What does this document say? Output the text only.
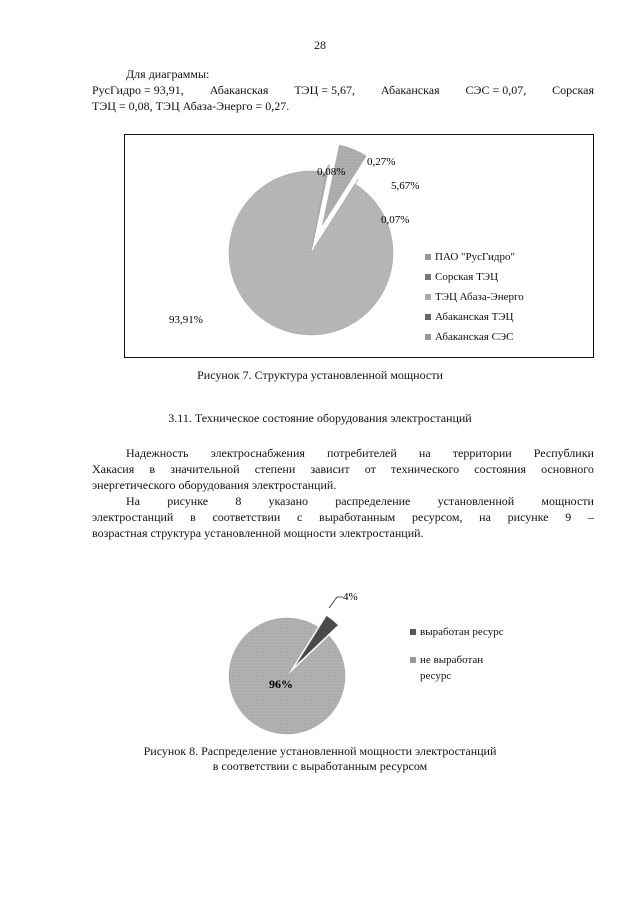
28
Для диаграммы:
РусГидро = 93,91, Абаканская ТЭЦ = 5,67, Абаканская СЭС = 0,07, Сорская
ТЭЦ = 0,08, ТЭЦ Абаза-Энерго = 0,27.
93,91%
0,08%
0,27%
5,67%
0,07%
ПАО "РусГидро"
Сорская ТЭЦ
ТЭЦ Абаза-Энерго
Абаканская ТЭЦ
Абаканская СЭС
Рисунок 7. Структура установленной мощности
3.11. Техническое состояние оборудования электростанций
Надежность электроснабжения потребителей на территории Республики
Хакасия в значительной степени зависит от технического состояния основного
энергетического оборудования электростанций.
На рисунке 8 указано распределение установленной мощности
электростанций в соответствии с выработанным ресурсом, на рисунке 9 –
возрастная структура установленной мощности электростанций.
4%
96%
выработан ресурс
не выработан
ресурс
Рисунок 8. Распределение установленной мощности электростанций
в соответствии с выработанным ресурсом
